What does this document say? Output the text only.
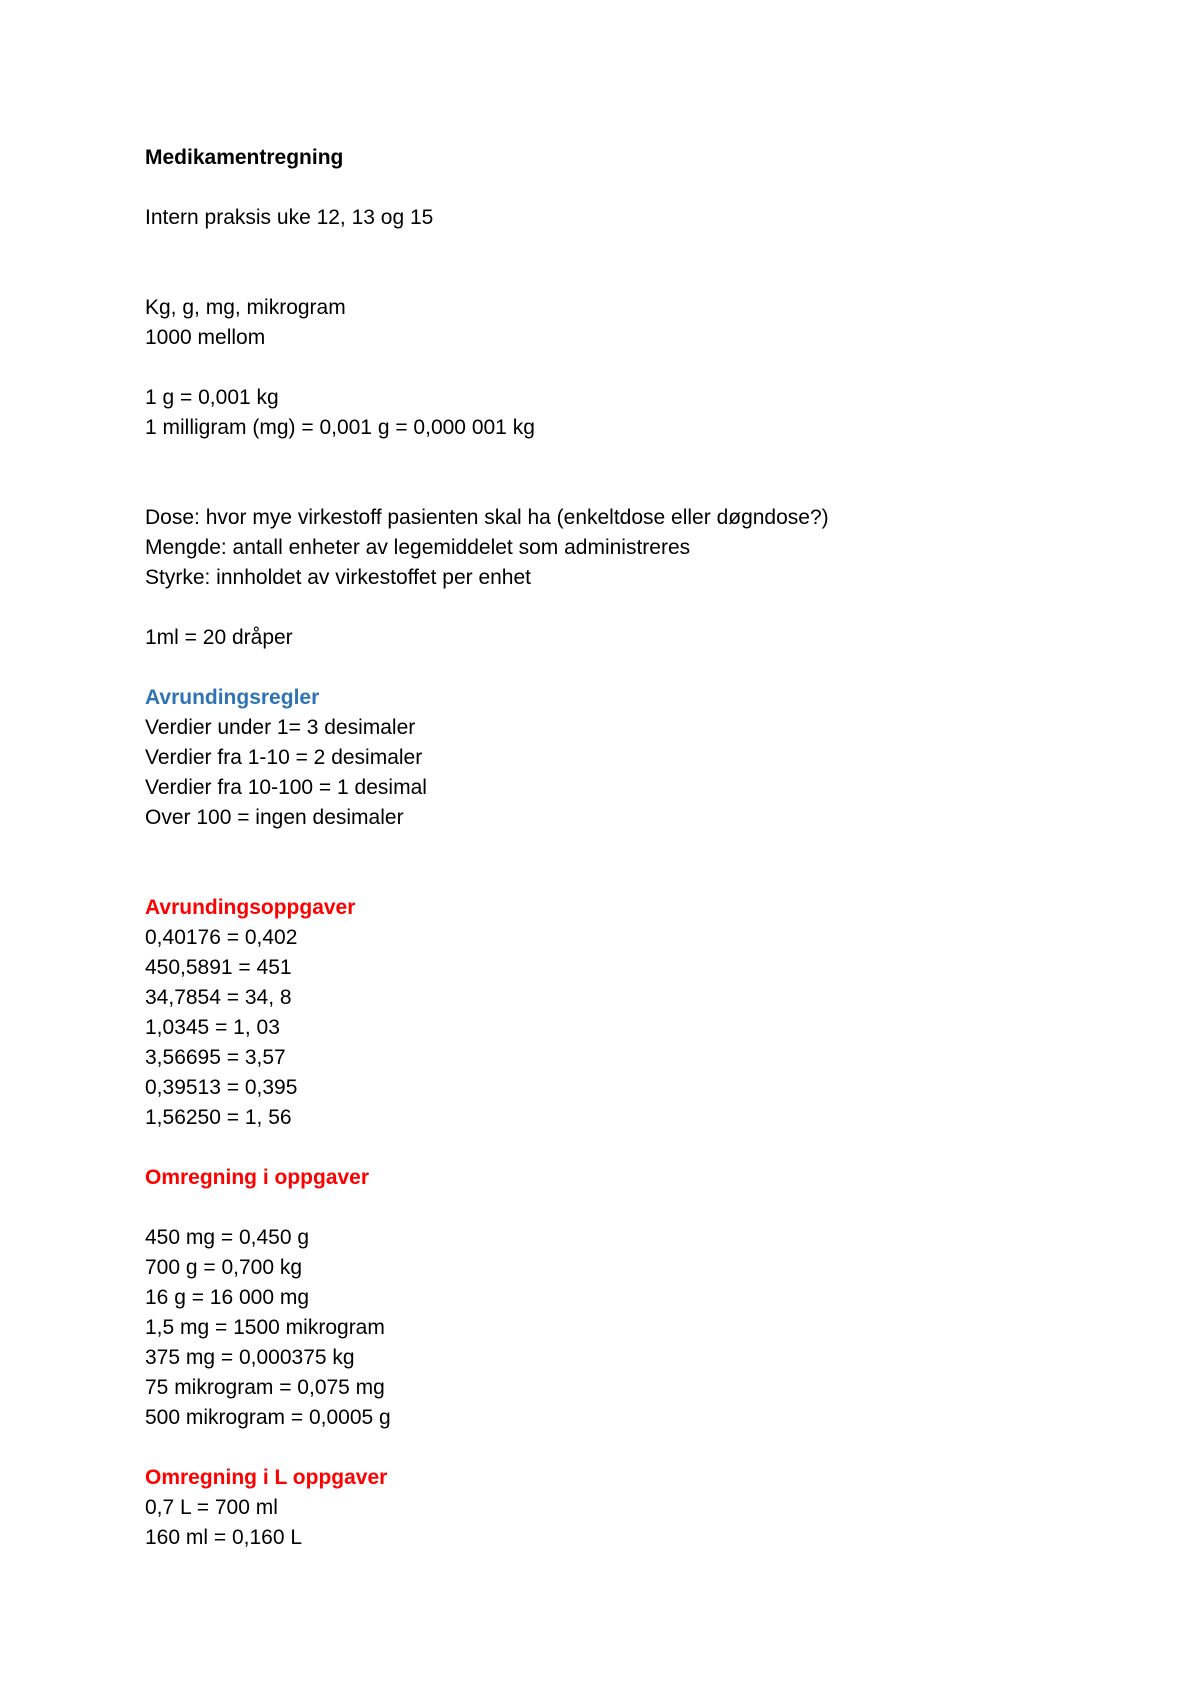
Medikamentregning
Intern praksis uke 12, 13 og 15
Kg, g, mg, mikrogram
1000 mellom
1 g = 0,001 kg
1 milligram (mg) = 0,001 g = 0,000 001 kg
Dose: hvor mye virkestoff pasienten skal ha (enkeltdose eller døgndose?)
Mengde: antall enheter av legemiddelet som administreres
Styrke: innholdet av virkestoffet per enhet
1ml = 20 dråper
Avrundingsregler
Verdier under 1= 3 desimaler
Verdier fra 1-10 = 2 desimaler
Verdier fra 10-100 = 1 desimal
Over 100 = ingen desimaler
Avrundingsoppgaver
0,40176 = 0,402
450,5891 = 451
34,7854 = 34, 8
1,0345 = 1, 03
3,56695 = 3,57
0,39513 = 0,395
1,56250 = 1, 56
Omregning i oppgaver
450 mg = 0,450 g
700 g = 0,700 kg
16 g = 16 000 mg
1,5 mg = 1500 mikrogram
375 mg = 0,000375 kg
75 mikrogram = 0,075 mg
500 mikrogram = 0,0005 g
Omregning i L oppgaver
0,7 L = 700 ml
160 ml = 0,160 L
